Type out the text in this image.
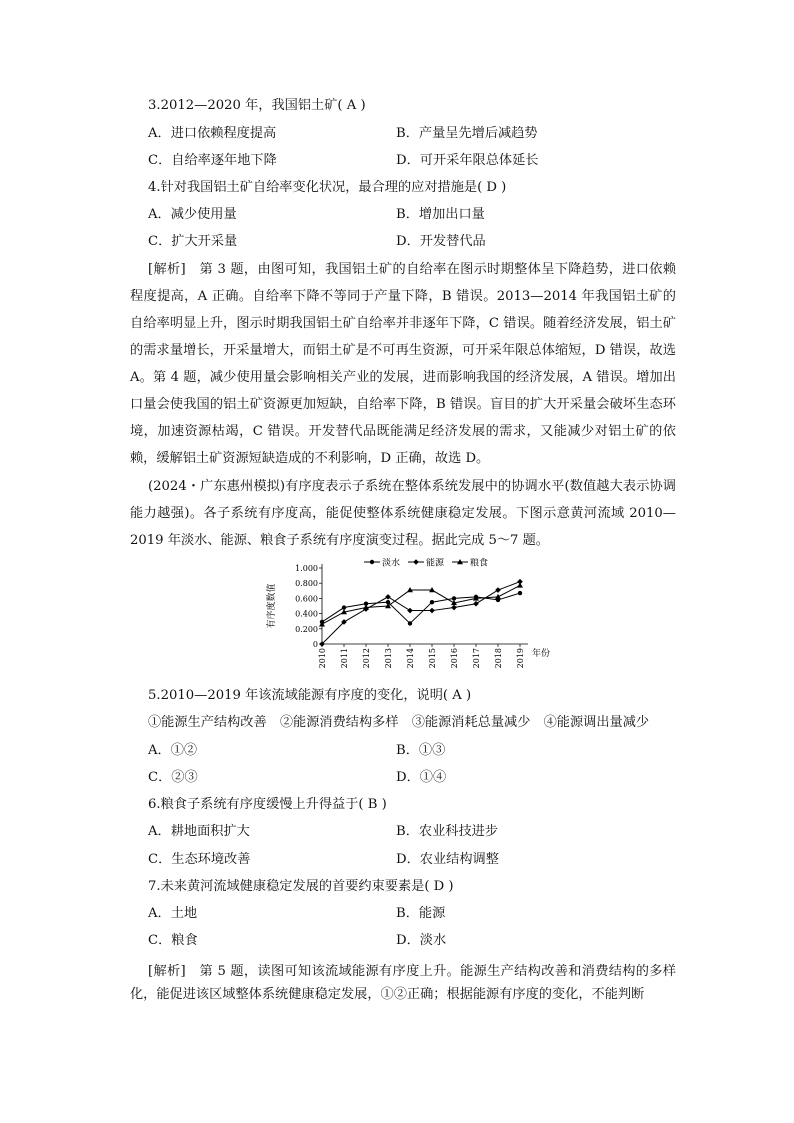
3.2012—2020 年，我国铝土矿( A )
A．进口依赖程度提高	B．产量呈先增后减趋势
C．自给率逐年地下降	D．可开采年限总体延长
4.针对我国铝土矿自给率变化状况，最合理的应对措施是( D )
A．减少使用量	B．增加出口量
C．扩大开采量	D．开发替代品
[解析]　第 3 题，由图可知，我国铝土矿的自给率在图示时期整体呈下降趋势，进口依赖程度提高，A 正确。自给率下降不等同于产量下降，B 错误。2013—2014 年我国铝土矿的自给率明显上升，图示时期我国铝土矿自给率并非逐年下降，C 错误。随着经济发展，铝土矿的需求量增长，开采量增大，而铝土矿是不可再生资源，可开采年限总体缩短，D 错误，故选 A。第 4 题，减少使用量会影响相关产业的发展，进而影响我国的经济发展，A 错误。增加出口量会使我国的铝土矿资源更加短缺，自给率下降，B 错误。盲目的扩大开采量会破坏生态环境，加速资源枯竭，C 错误。开发替代品既能满足经济发展的需求，又能减少对铝土矿的依赖，缓解铝土矿资源短缺造成的不利影响，D 正确，故选 D。
(2024・广东惠州模拟)有序度表示子系统在整体系统发展中的协调水平(数值越大表示协调能力越强)。各子系统有序度高，能促使整体系统健康稳定发展。下图示意黄河流域 2010—2019 年淡水、能源、粮食子系统有序度演变过程。据此完成 5～7 题。
淡水	能源	粮食
0
0.200
0.400
0.600
0.800
1.000
有序度数值
2010 2011 2012 2013 2014 2015 2016 2017 2018 2019 年份
5.2010—2019 年该流域能源有序度的变化，说明( A )
①能源生产结构改善　②能源消费结构多样　③能源消耗总量减少　④能源调出量减少
A．①②	B．①③
C．②③	D．①④
6.粮食子系统有序度缓慢上升得益于( B )
A．耕地面积扩大	B．农业科技进步
C．生态环境改善	D．农业结构调整
7.未来黄河流域健康稳定发展的首要约束要素是( D )
A．土地	B．能源
C．粮食	D．淡水
[解析]　第 5 题，读图可知该流域能源有序度上升。能源生产结构改善和消费结构的多样化，能促进该区域整体系统健康稳定发展，①②正确；根据能源有序度的变化，不能判断
